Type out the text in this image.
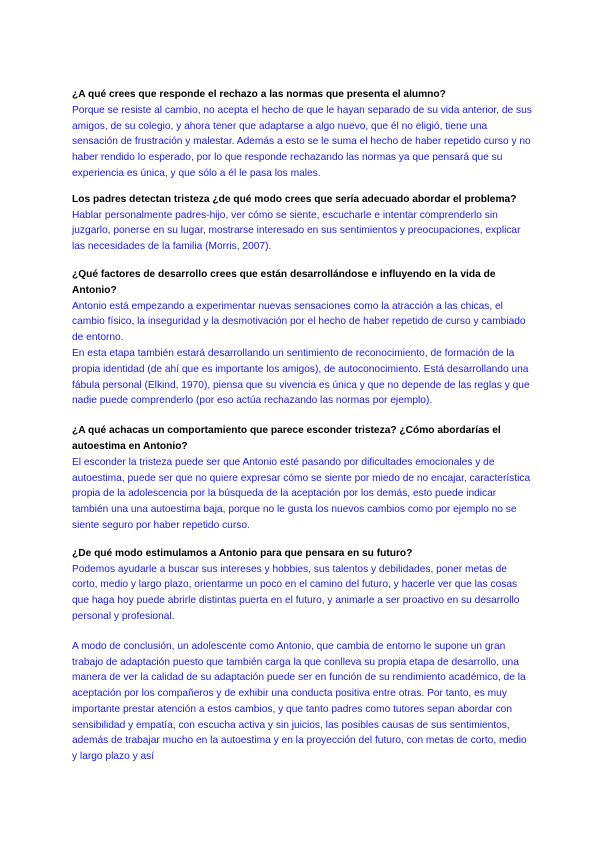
¿A qué crees que responde el rechazo a las normas que presenta el alumno?

Porque se resiste al cambio, no acepta el hecho de que le hayan separado de su vida anterior, de sus amigos, de su colegio, y ahora tener que adaptarse a algo nuevo, que él no eligió, tiene una sensación de frustración y malestar. Además a esto se le suma el hecho de haber repetido curso y no haber rendido lo esperado, por lo que responde rechazando las normas ya que pensará que su experiencia es única, y que sólo a él le pasa los males.

Los padres detectan tristeza ¿de qué modo crees que sería adecuado abordar el problema?

Hablar personalmente padres-hijo, ver cómo se siente, escucharle e intentar comprenderlo sin juzgarlo, ponerse en su lugar, mostrarse interesado en sus sentimientos y preocupaciones, explicar las necesidades de la familia (Morris, 2007).

¿Qué factores de desarrollo crees que están desarrollándose e influyendo en la vida de Antonio?

Antonio está empezando a experimentar nuevas sensaciones como la atracción a las chicas, el cambio físico, la inseguridad y la desmotivación por el hecho de haber repetido de curso y cambiado de entorno.

En esta etapa también estará desarrollando un sentimiento de reconocimiento, de formación de la propia identidad (de ahí que es importante los amigos), de autoconocimiento. Está desarrollando una fábula personal (Elkind, 1970), piensa que su vivencia es única y que no depende de las reglas y que nadie puede comprenderlo (por eso actúa rechazando las normas por ejemplo).

¿A qué achacas un comportamiento que parece esconder tristeza? ¿Cómo abordarías el autoestima en Antonio?

El esconder la tristeza puede ser que Antonio esté pasando por dificultades emocionales y de autoestima, puede ser que no quiere expresar cómo se siente por miedo de no encajar, característica propia de la adolescencia por la búsqueda de la aceptación por los demás, esto puede indicar también una una autoestima baja, porque no le gusta los nuevos cambios como por ejemplo no se siente seguro por haber repetido curso.

¿De qué modo estimulamos a Antonio para que pensara en su futuro?

Podemos ayudarle a buscar sus intereses y hobbies, sus talentos y debilidades, poner metas de corto, medio y largo plazo, orientarme un poco en el camino del futuro, y hacerle ver que las cosas que haga hoy puede abrirle distintas puerta en el futuro, y animarle a ser proactivo en su desarrollo personal y profesional.

A modo de conclusión, un adolescente como Antonio, que cambia de entorno le supone un gran trabajo de adaptación puesto que también carga la que conlleva su propia etapa de desarrollo, una manera de ver la calidad de su adaptación puede ser en función de su rendimiento académico, de la aceptación por los compañeros y de exhibir una conducta positiva entre otras. Por tanto, es muy importante prestar atención a estos cambios, y que tanto padres como tutores sepan abordar con sensibilidad y empatía, con escucha activa y sin juicios, las posibles causas de sus sentimientos, además de trabajar mucho en la autoestima y en la proyección del futuro, con metas de corto, medio y largo plazo y así
